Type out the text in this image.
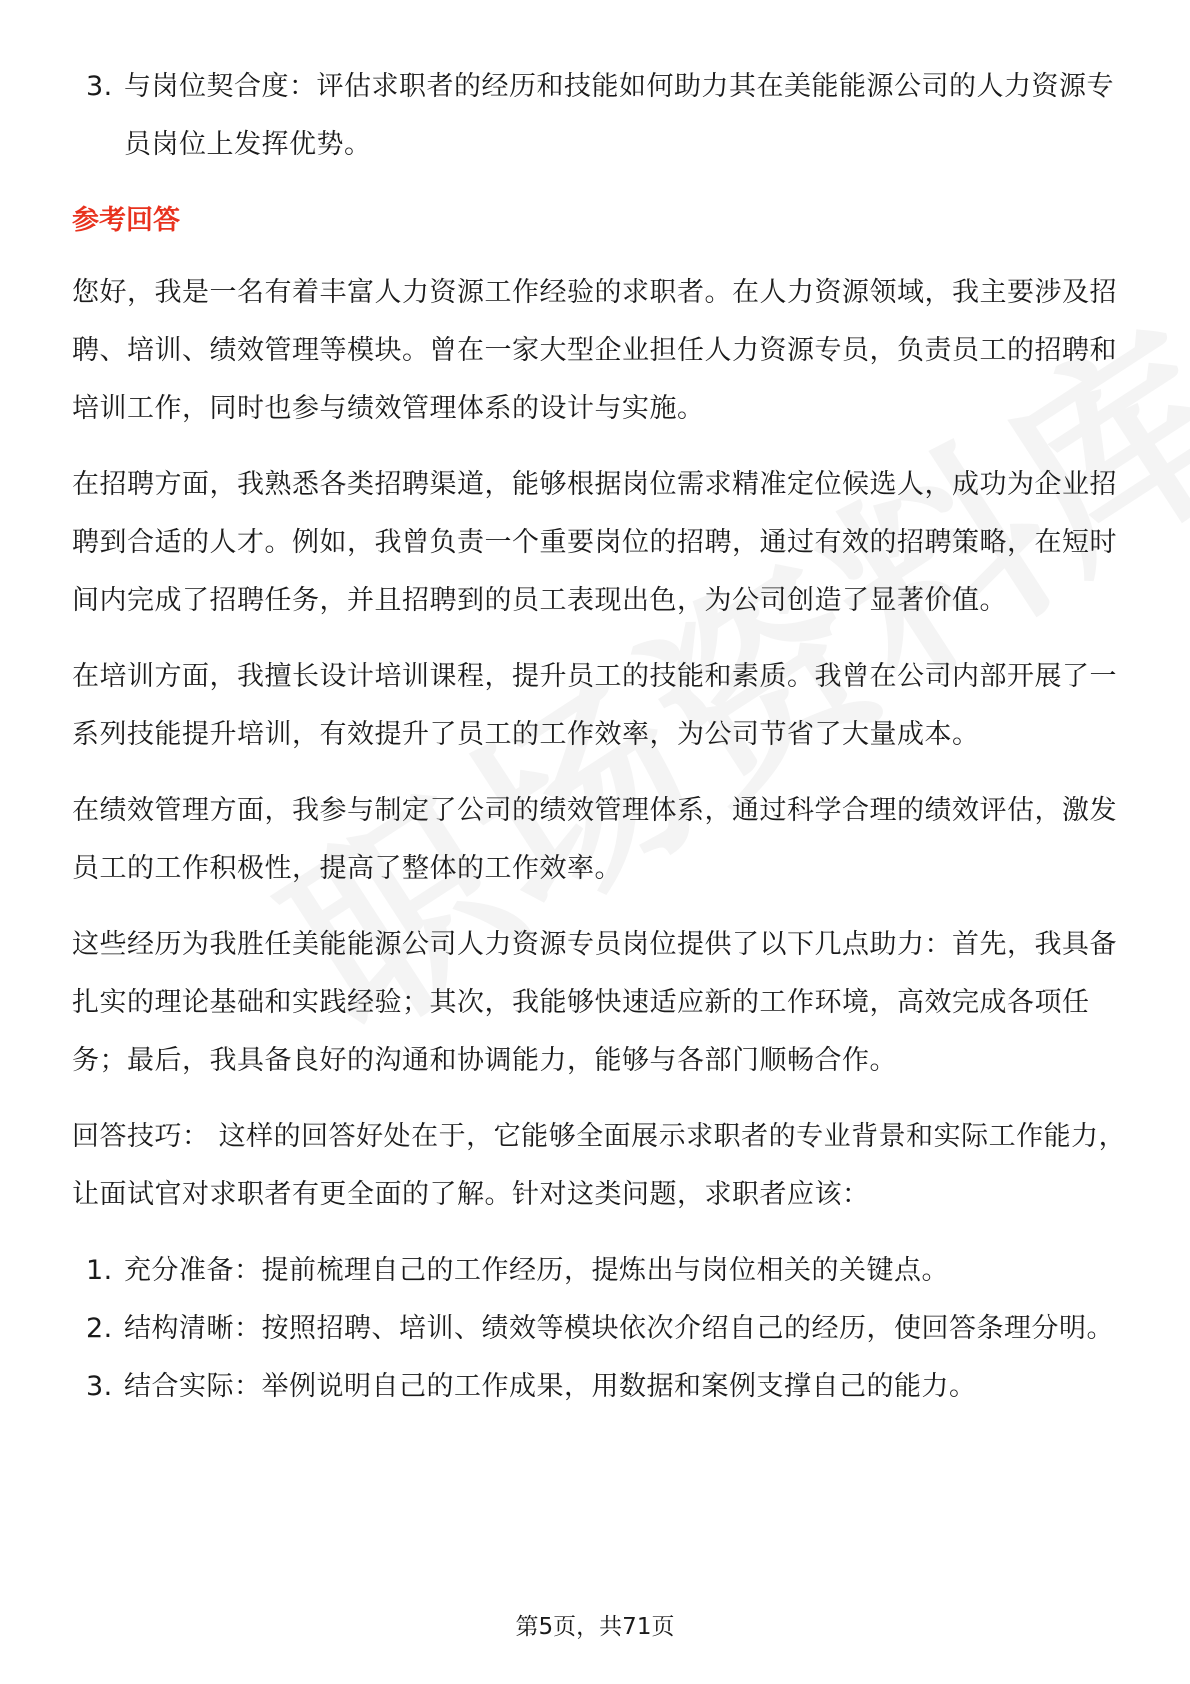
3. 与岗位契合度：评估求职者的经历和技能如何助力其在美能能源公司的人力资源专员岗位上发挥优势。
参考回答

您好，我是一名有着丰富人力资源工作经验的求职者。在人力资源领域，我主要涉及招聘、培训、绩效管理等模块。曾在一家大型企业担任人力资源专员，负责员工的招聘和培训工作，同时也参与绩效管理体系的设计与实施。

在招聘方面，我熟悉各类招聘渠道，能够根据岗位需求精准定位候选人，成功为企业招聘到合适的人才。例如，我曾负责一个重要岗位的招聘，通过有效的招聘策略，在短时间内完成了招聘任务，并且招聘到的员工表现出色，为公司创造了显著价值。

在培训方面，我擅长设计培训课程，提升员工的技能和素质。我曾在公司内部开展了一系列技能提升培训，有效提升了员工的工作效率，为公司节省了大量成本。

在绩效管理方面，我参与制定了公司的绩效管理体系，通过科学合理的绩效评估，激发员工的工作积极性，提高了整体的工作效率。

这些经历为我胜任美能能源公司人力资源专员岗位提供了以下几点助力：首先，我具备扎实的理论基础和实践经验；其次，我能够快速适应新的工作环境，高效完成各项任务；最后，我具备良好的沟通和协调能力，能够与各部门顺畅合作。

回答技巧： 这样的回答好处在于，它能够全面展示求职者的专业背景和实际工作能力，让面试官对求职者有更全面的了解。针对这类问题，求职者应该：

1. 充分准备：提前梳理自己的工作经历，提炼出与岗位相关的关键点。
2. 结构清晰：按照招聘、培训、绩效等模块依次介绍自己的经历，使回答条理分明。
3. 结合实际：举例说明自己的工作成果，用数据和案例支撑自己的能力。
第5页，共71页
